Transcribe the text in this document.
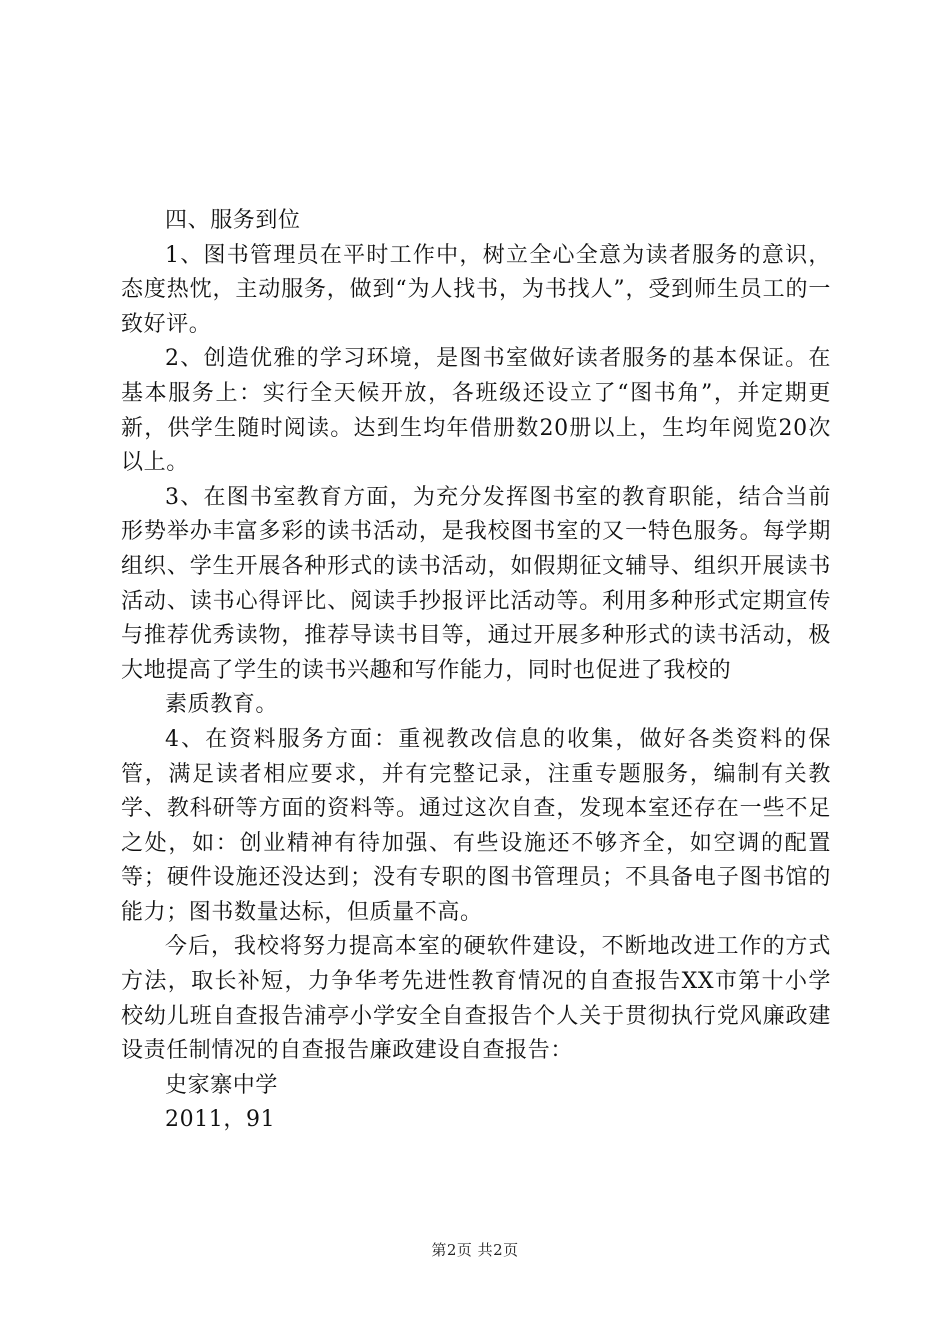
四、服务到位

1、图书管理员在平时工作中，树立全心全意为读者服务的意识，态度热忱，主动服务，做到“为人找书，为书找人”，受到师生员工的一致好评。

2、创造优雅的学习环境，是图书室做好读者服务的基本保证。在基本服务上：实行全天候开放，各班级还设立了“图书角”，并定期更新，供学生随时阅读。达到生均年借册数20册以上，生均年阅览20次以上。

3、在图书室教育方面，为充分发挥图书室的教育职能，结合当前形势举办丰富多彩的读书活动，是我校图书室的又一特色服务。每学期组织、学生开展各种形式的读书活动，如假期征文辅导、组织开展读书活动、读书心得评比、阅读手抄报评比活动等。利用多种形式定期宣传与推荐优秀读物，推荐导读书目等，通过开展多种形式的读书活动，极大地提高了学生的读书兴趣和写作能力，同时也促进了我校的

素质教育。

4、在资料服务方面：重视教改信息的收集，做好各类资料的保管，满足读者相应要求，并有完整记录，注重专题服务，编制有关教学、教科研等方面的资料等。通过这次自查，发现本室还存在一些不足之处，如：创业精神有待加强、有些设施还不够齐全，如空调的配置等；硬件设施还没达到；没有专职的图书管理员；不具备电子图书馆的能力；图书数量达标，但质量不高。

今后，我校将努力提高本室的硬软件建设，不断地改进工作的方式方法，取长补短，力争华考先进性教育情况的自查报告XX市第十小学校幼儿班自查报告浦亭小学安全自查报告个人关于贯彻执行党风廉政建设责任制情况的自查报告廉政建设自查报告：

史家寨中学

2011，91

第2页 共2页
